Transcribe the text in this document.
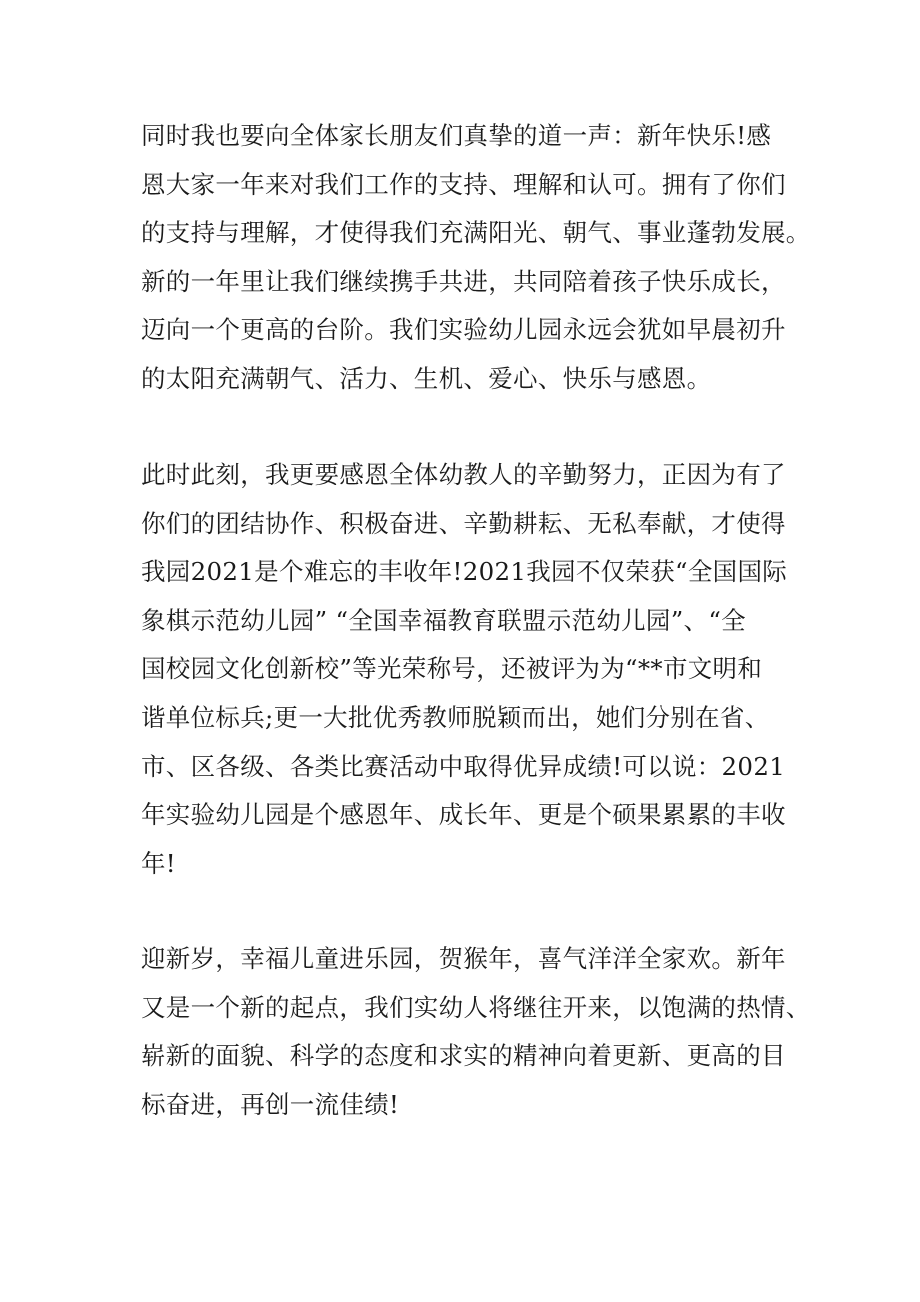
同时我也要向全体家长朋友们真挚的道一声：新年快乐!感
恩大家一年来对我们工作的支持、理解和认可。拥有了你们
的支持与理解，才使得我们充满阳光、朝气、事业蓬勃发展。
新的一年里让我们继续携手共进，共同陪着孩子快乐成长，
迈向一个更高的台阶。我们实验幼儿园永远会犹如早晨初升
的太阳充满朝气、活力、生机、爱心、快乐与感恩。
此时此刻，我更要感恩全体幼教人的辛勤努力，正因为有了
你们的团结协作、积极奋进、辛勤耕耘、无私奉献，才使得
我园2021是个难忘的丰收年!2021我园不仅荣获“全国国际
象棋示范幼儿园” “全国幸福教育联盟示范幼儿园”、“全
国校园文化创新校”等光荣称号，还被评为为“**市文明和
谐单位标兵;更一大批优秀教师脱颖而出，她们分别在省、
市、区各级、各类比赛活动中取得优异成绩!可以说：2021
年实验幼儿园是个感恩年、成长年、更是个硕果累累的丰收
年!
迎新岁，幸福儿童进乐园，贺猴年，喜气洋洋全家欢。新年
又是一个新的起点，我们实幼人将继往开来，以饱满的热情、
崭新的面貌、科学的态度和求实的精神向着更新、更高的目
标奋进，再创一流佳绩!
